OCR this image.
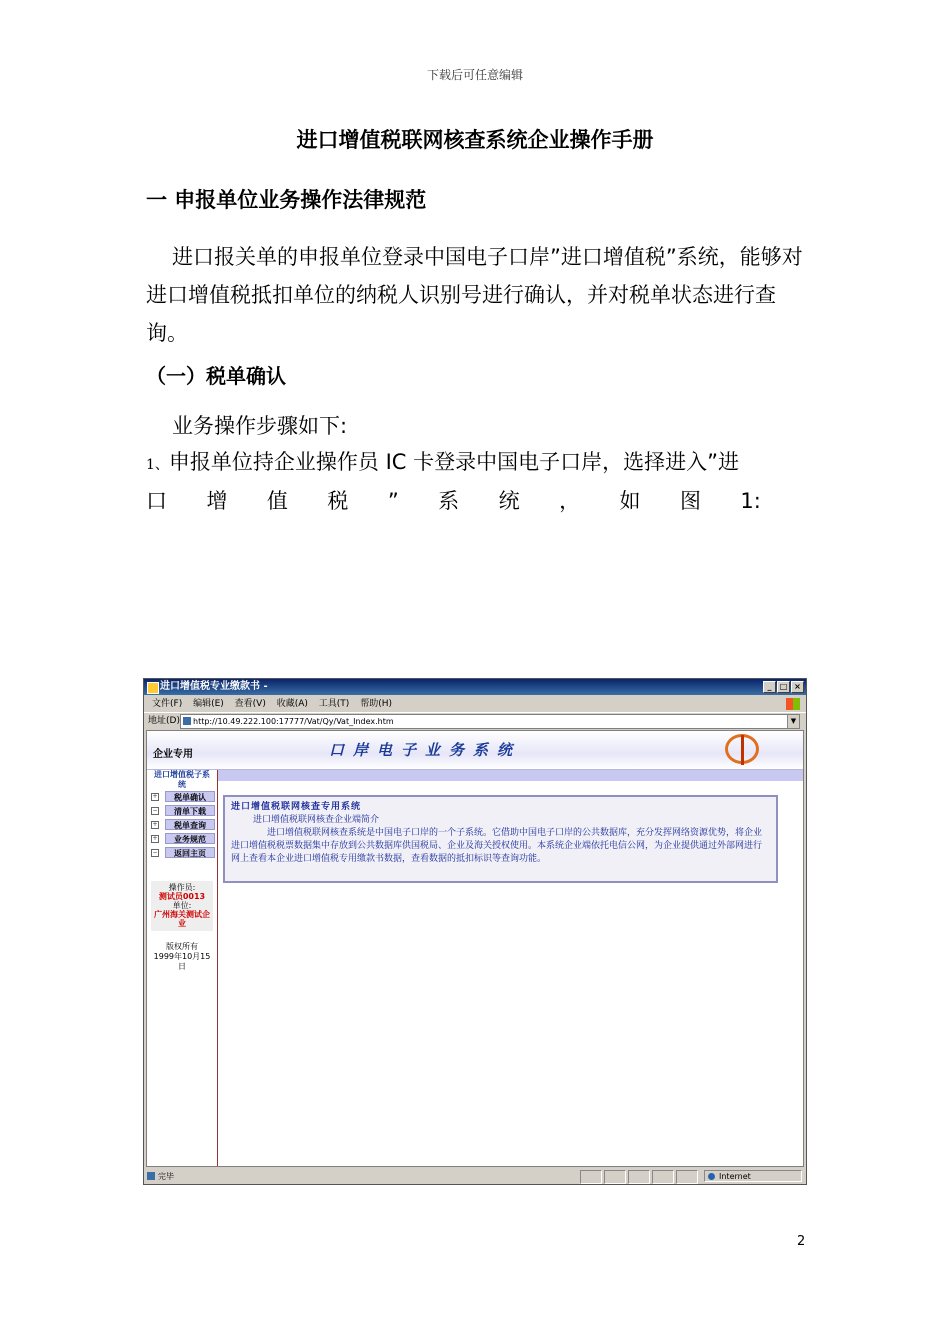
下载后可任意编辑
进口增值税联网核查系统企业操作手册
一 申报单位业务操作法律规范
进口报关单的申报单位登录中国电子口岸”进口增值税”系统，能够对进口增值税抵扣单位的纳税人识别号进行确认，并对税单状态进行查询。
（一）税单确认
业务操作步骤如下:
1、申报单位持企业操作员 IC 卡登录中国电子口岸，选择进入”进
口 增 值 税 ” 系 统 ， 如 图 1:
进口增值税专业缴款书 -	_	□ ×
文件(F) 编辑(E) 查看(V) 收藏(A) 工具(T) 帮助(H)
地址(D)	http://10.49.222.100:17777/Vat/Qy/Vat_Index.htm	▼
企业专用	口岸电子业务系统
进口增值税子系统
+	税单确认
−	清单下载
+	税单查询
+	业务规范
−	返回主页
操作员:
测试员0013
单位:
广州海关测试企业
版权所有
1999年10月15日
进口增值税联网核查专用系统
进口增值税联网核查企业端简介
进口增值税联网核查系统是中国电子口岸的一个子系统。它借助中国电子口岸的公共数据库，充分发挥网络资源优势，将企业进口增值税税票数据集中存放到公共数据库供国税局、企业及海关授权使用。本系统企业端依托电信公网，为企业提供通过外部网进行网上查看本企业进口增值税专用缴款书数据，查看数据的抵扣标识等查询功能。
完毕	Internet
2
